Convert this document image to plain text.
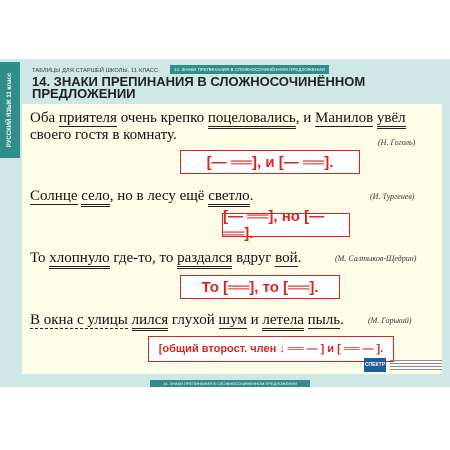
РУССКИЙ ЯЗЫК 11 класс
ТАБЛИЦЫ ДЛЯ СТАРШЕЙ ШКОЛЫ. 11 КЛАСС	14. ЗНАКИ ПРЕПИНАНИЯ В СЛОЖНОСОЧИНЁННОМ ПРЕДЛОЖЕНИИ
14. ЗНАКИ ПРЕПИНАНИЯ В СЛОЖНОСОЧИНЁННОМ
ПРЕДЛОЖЕНИИ
Оба приятеля очень крепко поцеловались, и Манилов увёл
своего гостя в комнату.	(Н. Гоголь)
[— ══], и [— ══].
Солнце село, но в лесу ещё светло.	(И. Тургенев)
[— ══], но [— ══].
То хлопнуло где-то, то раздался вдруг вой.	(М. Салтыков-Щедрин)
То [══], то [══].
В окна с улицы лился глухой шум и летела пыль.	(М. Горький)
[общий второст. член ↓ ══ — ] и [ ══ — ].
СПЕКТР
14. ЗНАКИ ПРЕПИНАНИЯ В СЛОЖНОСОЧИНЁННОМ ПРЕДЛОЖЕНИИ
